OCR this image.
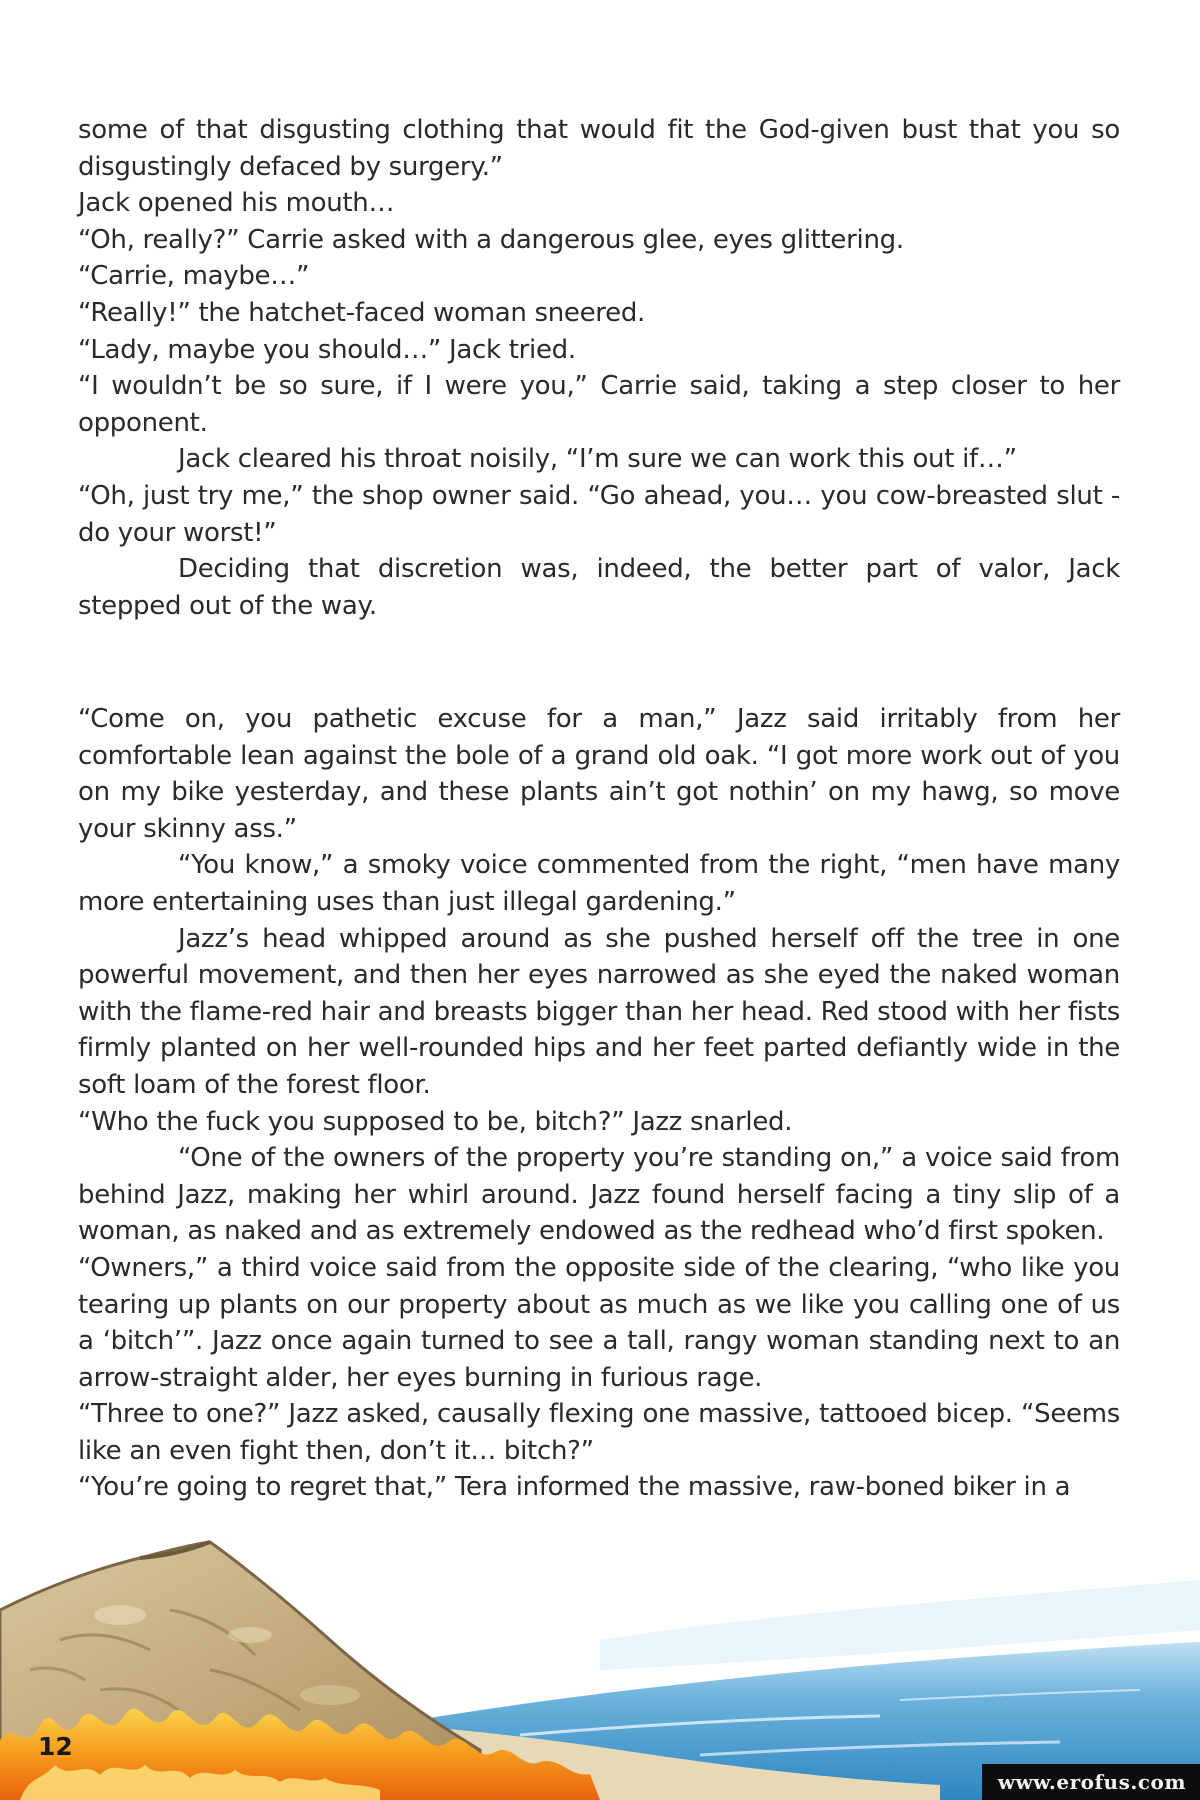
some of that disgusting clothing that would fit the God-given bust that you so disgustingly defaced by surgery.”

Jack opened his mouth…

“Oh, really?” Carrie asked with a dangerous glee, eyes glittering.

“Carrie, maybe…”

“Really!” the hatchet-faced woman sneered.

“Lady, maybe you should…” Jack tried.

“I wouldn’t be so sure, if I were you,” Carrie said, taking a step closer to her opponent.

Jack cleared his throat noisily, “I’m sure we can work this out if…”

“Oh, just try me,” the shop owner said. “Go ahead, you… you cow-breasted slut - do your worst!”

Deciding that discretion was, indeed, the better part of valor, Jack stepped out of the way.

“Come on, you pathetic excuse for a man,” Jazz said irritably from her comfortable lean against the bole of a grand old oak. “I got more work out of you on my bike yesterday, and these plants ain’t got nothin’ on my hawg, so move your skinny ass.”

“You know,” a smoky voice commented from the right, “men have many more entertaining uses than just illegal gardening.”

Jazz’s head whipped around as she pushed herself off the tree in one powerful movement, and then her eyes narrowed as she eyed the naked woman with the flame-red hair and breasts bigger than her head. Red stood with her fists firmly planted on her well-rounded hips and her feet parted defiantly wide in the soft loam of the forest floor.

“Who the fuck you supposed to be, bitch?” Jazz snarled.

“One of the owners of the property you’re standing on,” a voice said from behind Jazz, making her whirl around. Jazz found herself facing a tiny slip of a woman, as naked and as extremely endowed as the redhead who’d first spoken.

“Owners,” a third voice said from the opposite side of the clearing, “who like you tearing up plants on our property about as much as we like you calling one of us a ‘bitch’”. Jazz once again turned to see a tall, rangy woman standing next to an arrow-straight alder, her eyes burning in furious rage.

“Three to one?” Jazz asked, causally flexing one massive, tattooed bicep. “Seems like an even fight then, don’t it… bitch?”

“You’re going to regret that,” Tera informed the massive, raw-boned biker in a

12
www.erofus.com
